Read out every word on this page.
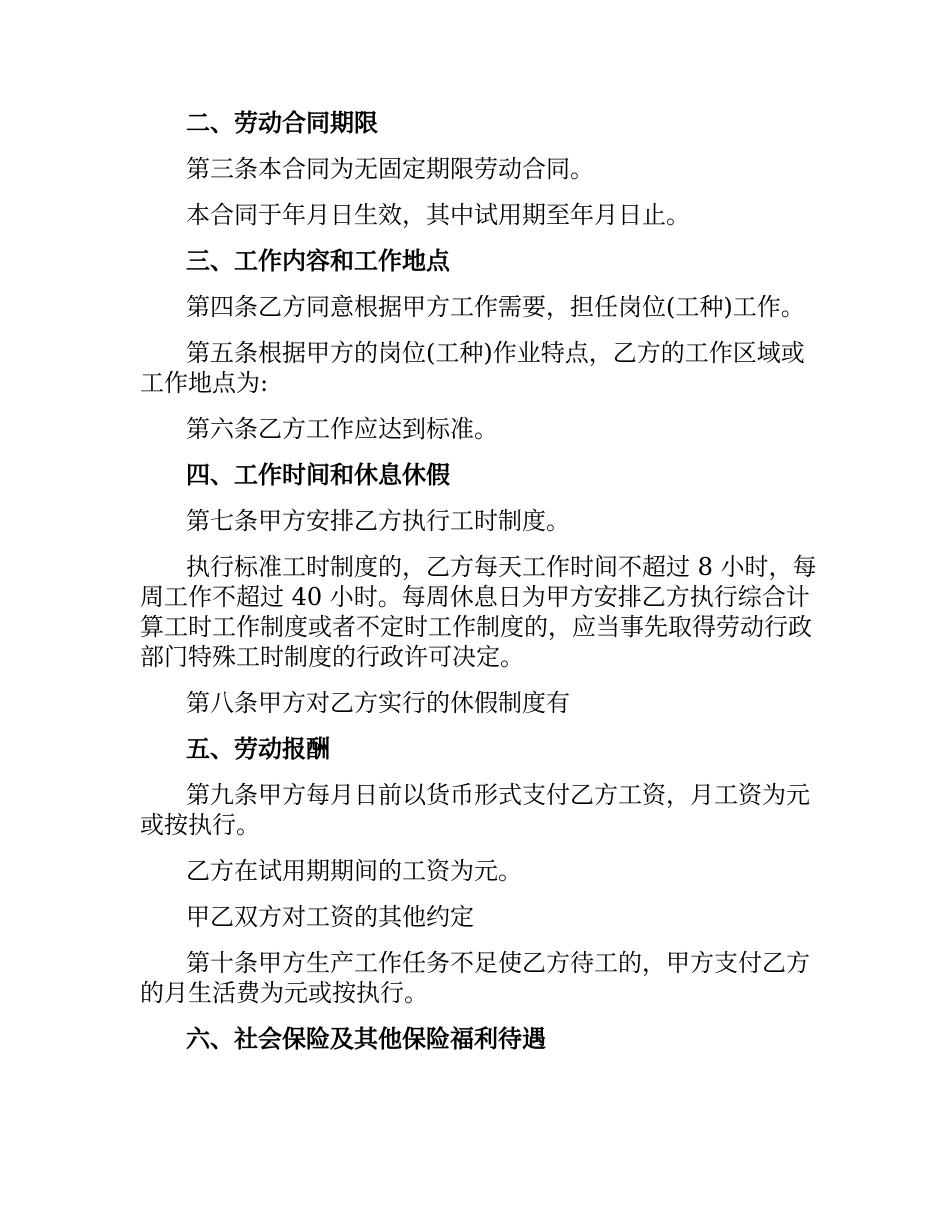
二、劳动合同期限
第三条本合同为无固定期限劳动合同。
本合同于年月日生效，其中试用期至年月日止。
三、工作内容和工作地点
第四条乙方同意根据甲方工作需要，担任岗位(工种)工作。
第五条根据甲方的岗位(工种)作业特点，乙方的工作区域或工作地点为:
第六条乙方工作应达到标准。
四、工作时间和休息休假
第七条甲方安排乙方执行工时制度。
执行标准工时制度的，乙方每天工作时间不超过 8 小时，每周工作不超过 40 小时。每周休息日为甲方安排乙方执行综合计算工时工作制度或者不定时工作制度的，应当事先取得劳动行政部门特殊工时制度的行政许可决定。
第八条甲方对乙方实行的休假制度有
五、劳动报酬
第九条甲方每月日前以货币形式支付乙方工资，月工资为元或按执行。
乙方在试用期期间的工资为元。
甲乙双方对工资的其他约定
第十条甲方生产工作任务不足使乙方待工的，甲方支付乙方的月生活费为元或按执行。
六、社会保险及其他保险福利待遇
